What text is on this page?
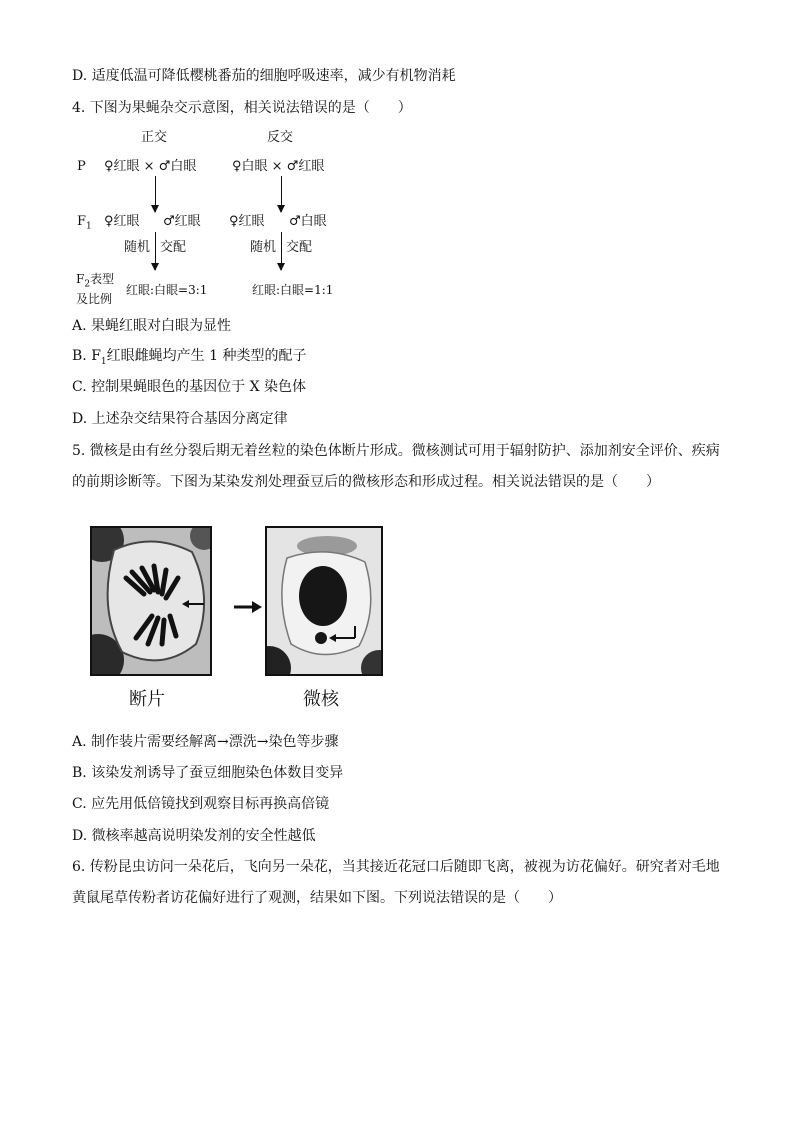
D. 适度低温可降低樱桃番茄的细胞呼吸速率，减少有机物消耗
4. 下图为果蝇杂交示意图，相关说法错误的是（　　）
正交	反交
P ♀红眼 × ♂白眼	♀白眼 × ♂红眼
$F_1$ ♀红眼 ♂红眼 ♀红眼 ♂白眼
随机 交配	随机 交配
$F_2$表型
及比例
红眼:白眼=3:1	红眼:白眼=1:1
A. 果蝇红眼对白眼为显性
B. $F_1$红眼雌蝇均产生 1 种类型的配子
C. 控制果蝇眼色的基因位于 X 染色体
D. 上述杂交结果符合基因分离定律
5. 微核是由有丝分裂后期无着丝粒的染色体断片形成。微核测试可用于辐射防护、添加剂安全评价、疾病
的前期诊断等。下图为某染发剂处理蚕豆后的微核形态和形成过程。相关说法错误的是（　　）
断片	微核
A. 制作装片需要经解离→漂洗→染色等步骤
B. 该染发剂诱导了蚕豆细胞染色体数目变异
C. 应先用低倍镜找到观察目标再换高倍镜
D. 微核率越高说明染发剂的安全性越低
6. 传粉昆虫访问一朵花后，飞向另一朵花，当其接近花冠口后随即飞离，被视为访花偏好。研究者对毛地
黄鼠尾草传粉者访花偏好进行了观测，结果如下图。下列说法错误的是（　　）
